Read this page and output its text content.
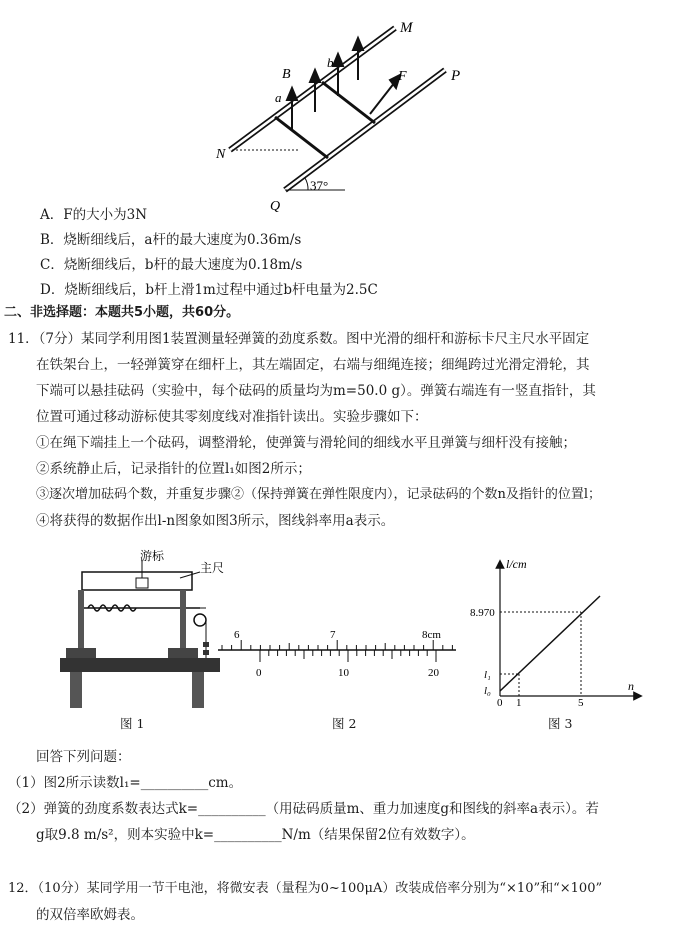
M
P
N
Q
B
b
a
F
37°
A．F的大小为3N
B．烧断细线后，a杆的最大速度为0.36m/s
C．烧断细线后，b杆的最大速度为0.18m/s
D．烧断细线后，b杆上滑1m过程中通过b杆电量为2.5C
二、非选择题：本题共5小题，共60分。
11．（7分）某同学利用图1装置测量轻弹簧的劲度系数。图中光滑的细杆和游标卡尺主尺水平固定
在铁架台上，一轻弹簧穿在细杆上，其左端固定，右端与细绳连接；细绳跨过光滑定滑轮，其
下端可以悬挂砝码（实验中，每个砝码的质量均为m=50.0 g）。弹簧右端连有一竖直指针，其
位置可通过移动游标使其零刻度线对准指针读出。实验步骤如下：
①在绳下端挂上一个砝码，调整滑轮，使弹簧与滑轮间的细线水平且弹簧与细杆没有接触；
②系统静止后，记录指针的位置l₁如图2所示；
③逐次增加砝码个数，并重复步骤②（保持弹簧在弹性限度内），记录砝码的个数n及指针的位置l；
④将获得的数据作出l-n图象如图3所示，图线斜率用a表示。
游标
主尺
图 1
6	7	8cm
0	10	20
图 2
l/cm
n
8.970
l₁
l₀
0 1	5
图 3
回答下列问题：
（1）图2所示读数l₁=__________cm。
（2）弹簧的劲度系数表达式k=__________（用砝码质量m、重力加速度g和图线的斜率a表示）。若
g取9.8 m/s²，则本实验中k=__________N/m（结果保留2位有效数字）。
12．（10分）某同学用一节干电池，将微安表（量程为0~100μA）改装成倍率分别为“×10”和“×100”
的双倍率欧姆表。
